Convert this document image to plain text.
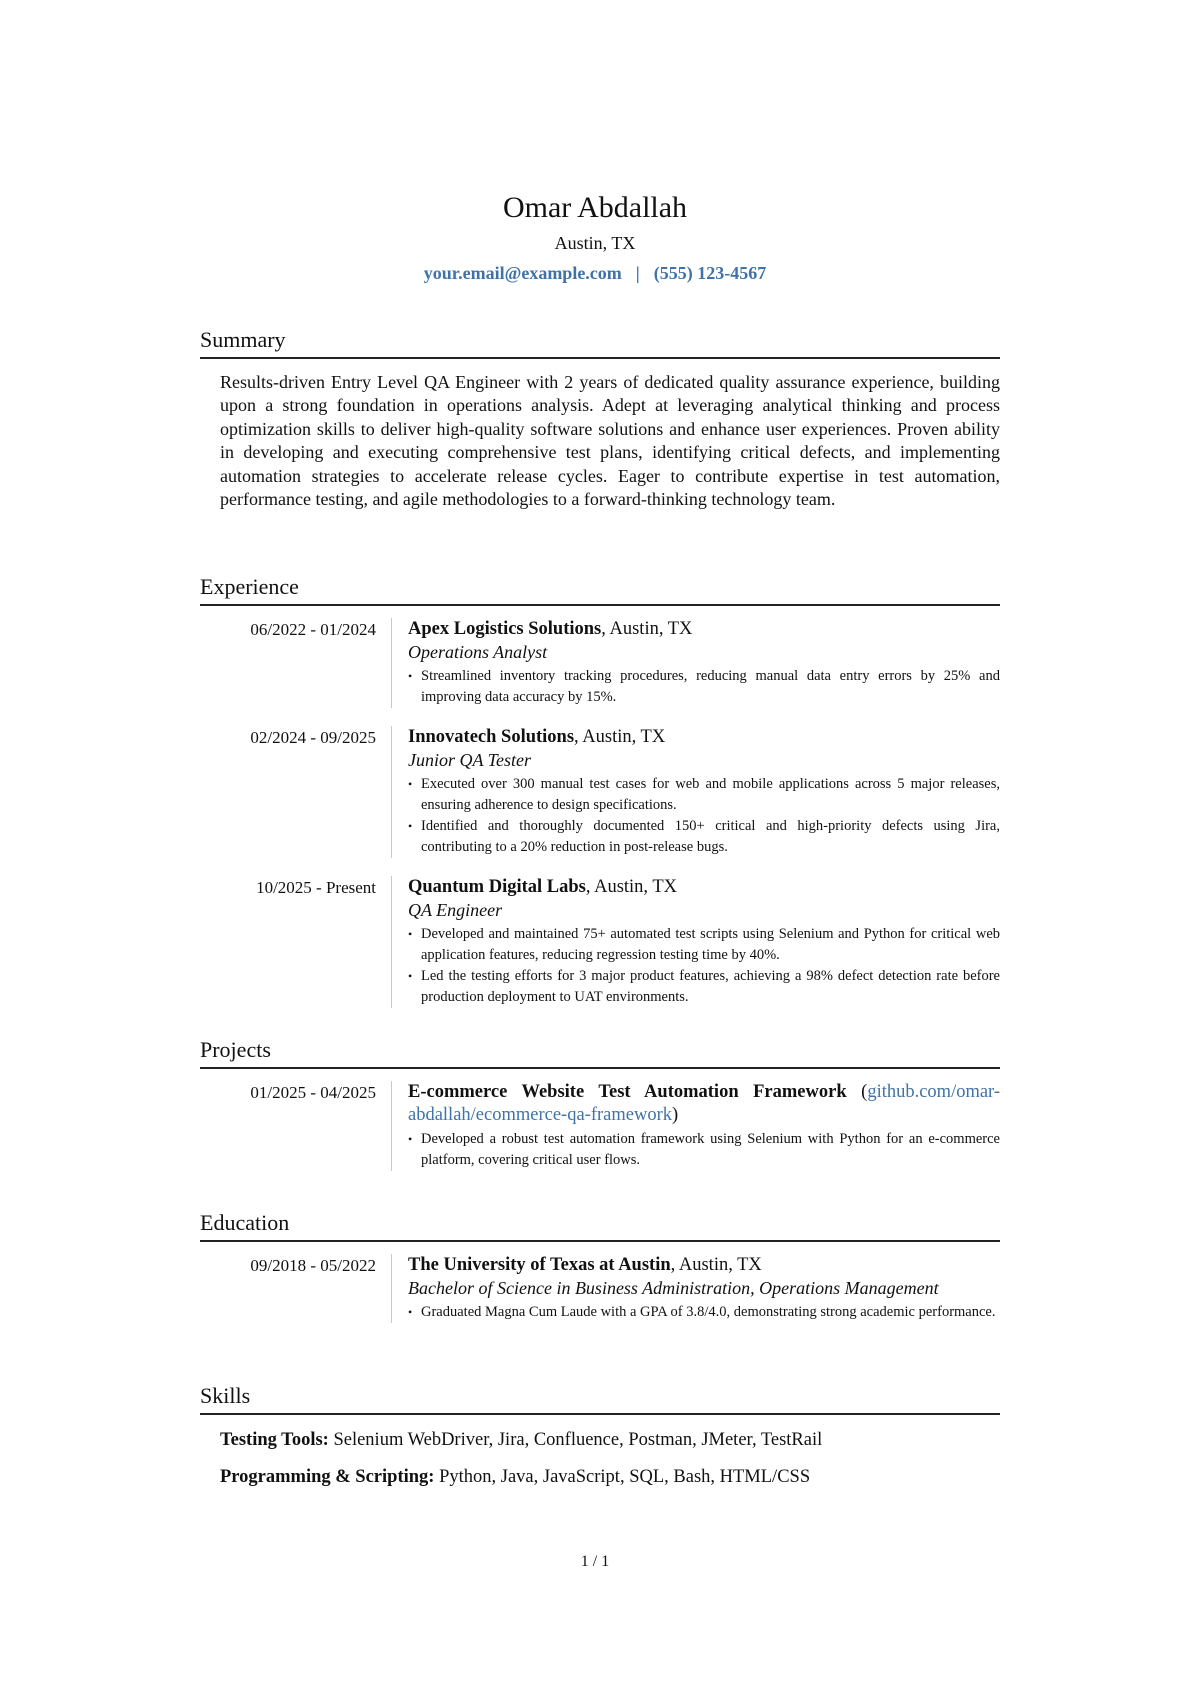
Omar Abdallah
Austin, TX
your.email@example.com | (555) 123-4567
Summary

Results-driven Entry Level QA Engineer with 2 years of dedicated quality assurance experience, building upon a strong foundation in operations analysis. Adept at leveraging analytical thinking and process optimization skills to deliver high-quality software solutions and enhance user experiences. Proven ability in developing and executing comprehensive test plans, identifying critical defects, and implementing automation strategies to accelerate release cycles. Eager to contribute expertise in test automation, performance testing, and agile methodologies to a forward-thinking technology team.

Experience
06/2022 - 01/2024 Apex Logistics Solutions, Austin, TX
Operations Analyst
• Streamlined inventory tracking procedures, reducing manual data entry errors by 25% and improving data accuracy by 15%.
02/2024 - 09/2025 Innovatech Solutions, Austin, TX
Junior QA Tester
• Executed over 300 manual test cases for web and mobile applications across 5 major releases, ensuring adherence to design specifications.
• Identified and thoroughly documented 150+ critical and high-priority defects using Jira, contributing to a 20% reduction in post-release bugs.
10/2025 - Present Quantum Digital Labs, Austin, TX
QA Engineer
• Developed and maintained 75+ automated test scripts using Selenium and Python for critical web application features, reducing regression testing time by 40%.
• Led the testing efforts for 3 major product features, achieving a 98% defect detection rate before production deployment to UAT environments.
Projects
01/2025 - 04/2025 E-commerce Website Test Automation Framework (github.com/omar-abdallah/ecommerce-qa-framework)
• Developed a robust test automation framework using Selenium with Python for an e-commerce platform, covering critical user flows.
Education
09/2018 - 05/2022 The University of Texas at Austin, Austin, TX
Bachelor of Science in Business Administration, Operations Management
• Graduated Magna Cum Laude with a GPA of 3.8/4.0, demonstrating strong academic performance.
Skills
Testing Tools: Selenium WebDriver, Jira, Confluence, Postman, JMeter, TestRail
Programming & Scripting: Python, Java, JavaScript, SQL, Bash, HTML/CSS
1 / 1
